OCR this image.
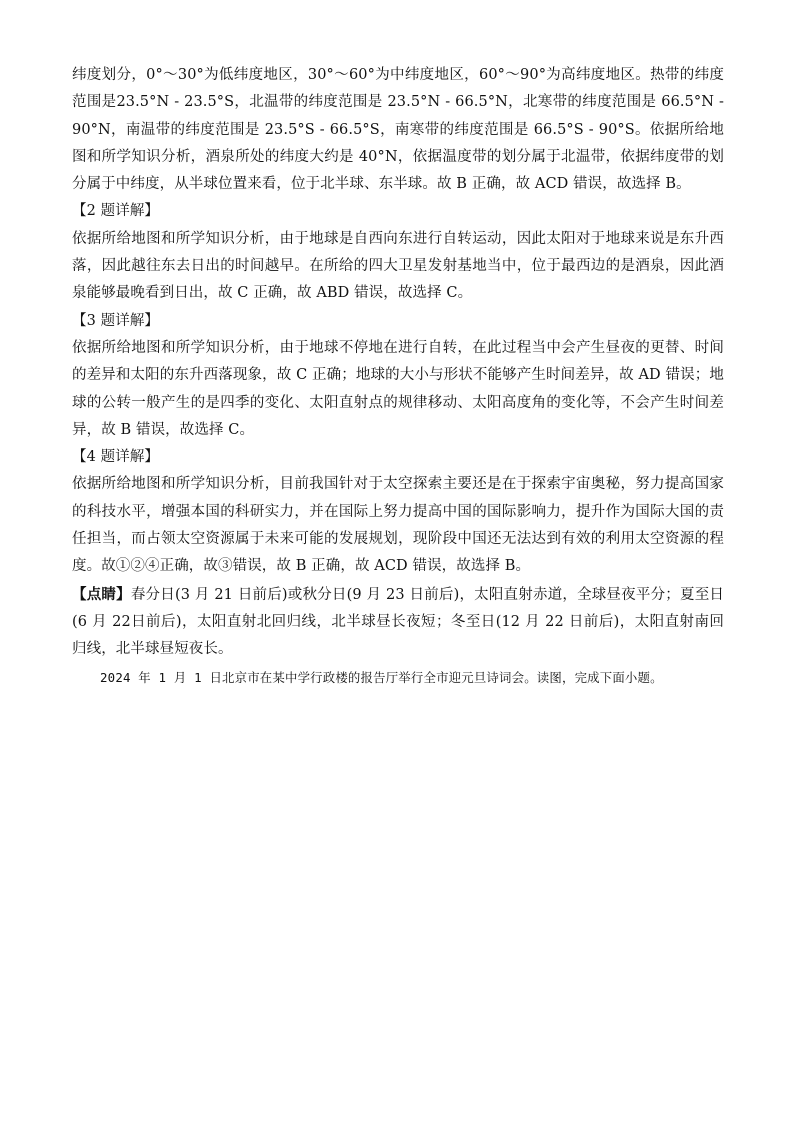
纬度划分，0°～30°为低纬度地区，30°～60°为中纬度地区，60°～90°为高纬度地区。热带的纬度范围是23.5°N - 23.5°S，北温带的纬度范围是 23.5°N - 66.5°N，北寒带的纬度范围是 66.5°N - 90°N，南温带的纬度范围是 23.5°S - 66.5°S，南寒带的纬度范围是 66.5°S - 90°S。依据所给地图和所学知识分析，酒泉所处的纬度大约是 40°N，依据温度带的划分属于北温带，依据纬度带的划分属于中纬度，从半球位置来看，位于北半球、东半球。故 B 正确，故 ACD 错误，故选择 B。

【2 题详解】

依据所给地图和所学知识分析，由于地球是自西向东进行自转运动，因此太阳对于地球来说是东升西落，因此越往东去日出的时间越早。在所给的四大卫星发射基地当中，位于最西边的是酒泉，因此酒泉能够最晚看到日出，故 C 正确，故 ABD 错误，故选择 C。

【3 题详解】

依据所给地图和所学知识分析，由于地球不停地在进行自转，在此过程当中会产生昼夜的更替、时间的差异和太阳的东升西落现象，故 C 正确；地球的大小与形状不能够产生时间差异，故 AD 错误；地球的公转一般产生的是四季的变化、太阳直射点的规律移动、太阳高度角的变化等，不会产生时间差异，故 B 错误，故选择 C。

【4 题详解】

依据所给地图和所学知识分析，目前我国针对于太空探索主要还是在于探索宇宙奥秘，努力提高国家的科技水平，增强本国的科研实力，并在国际上努力提高中国的国际影响力，提升作为国际大国的责任担当，而占领太空资源属于未来可能的发展规划，现阶段中国还无法达到有效的利用太空资源的程度。故①②④正确，故③错误，故 B 正确，故 ACD 错误，故选择 B。

【点睛】春分日(3 月 21 日前后)或秋分日(9 月 23 日前后)，太阳直射赤道，全球昼夜平分；夏至日(6 月 22日前后)，太阳直射北回归线，北半球昼长夜短；冬至日(12 月 22 日前后)，太阳直射南回归线，北半球昼短夜长。

2024 年 1 月 1 日北京市在某中学行政楼的报告厅举行全市迎元旦诗词会。读图，完成下面小题。
